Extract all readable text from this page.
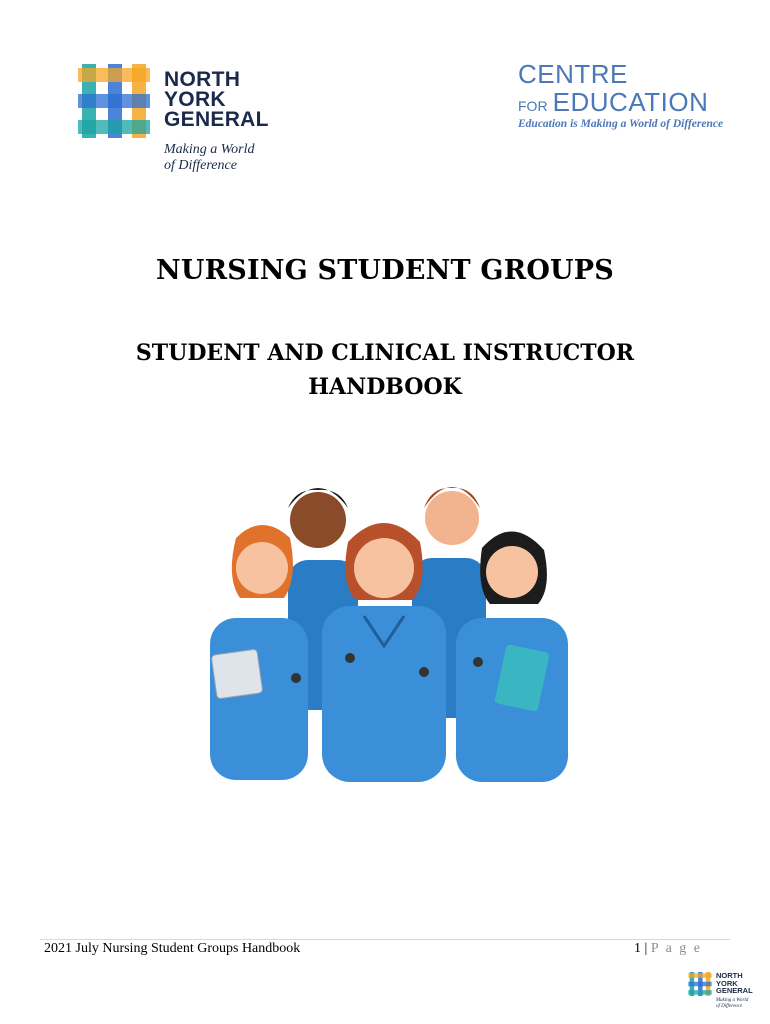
NORTH
YORK
GENERAL
Making a World
of Difference
CENTRE
FOR EDUCATION
Education is Making a World of Difference
NURSING STUDENT GROUPS
STUDENT AND CLINICAL INSTRUCTOR
HANDBOOK
2021 July Nursing Student Groups Handbook	1 | P a g e
NORTH
YORK
GENERAL
Making a World
of Difference
